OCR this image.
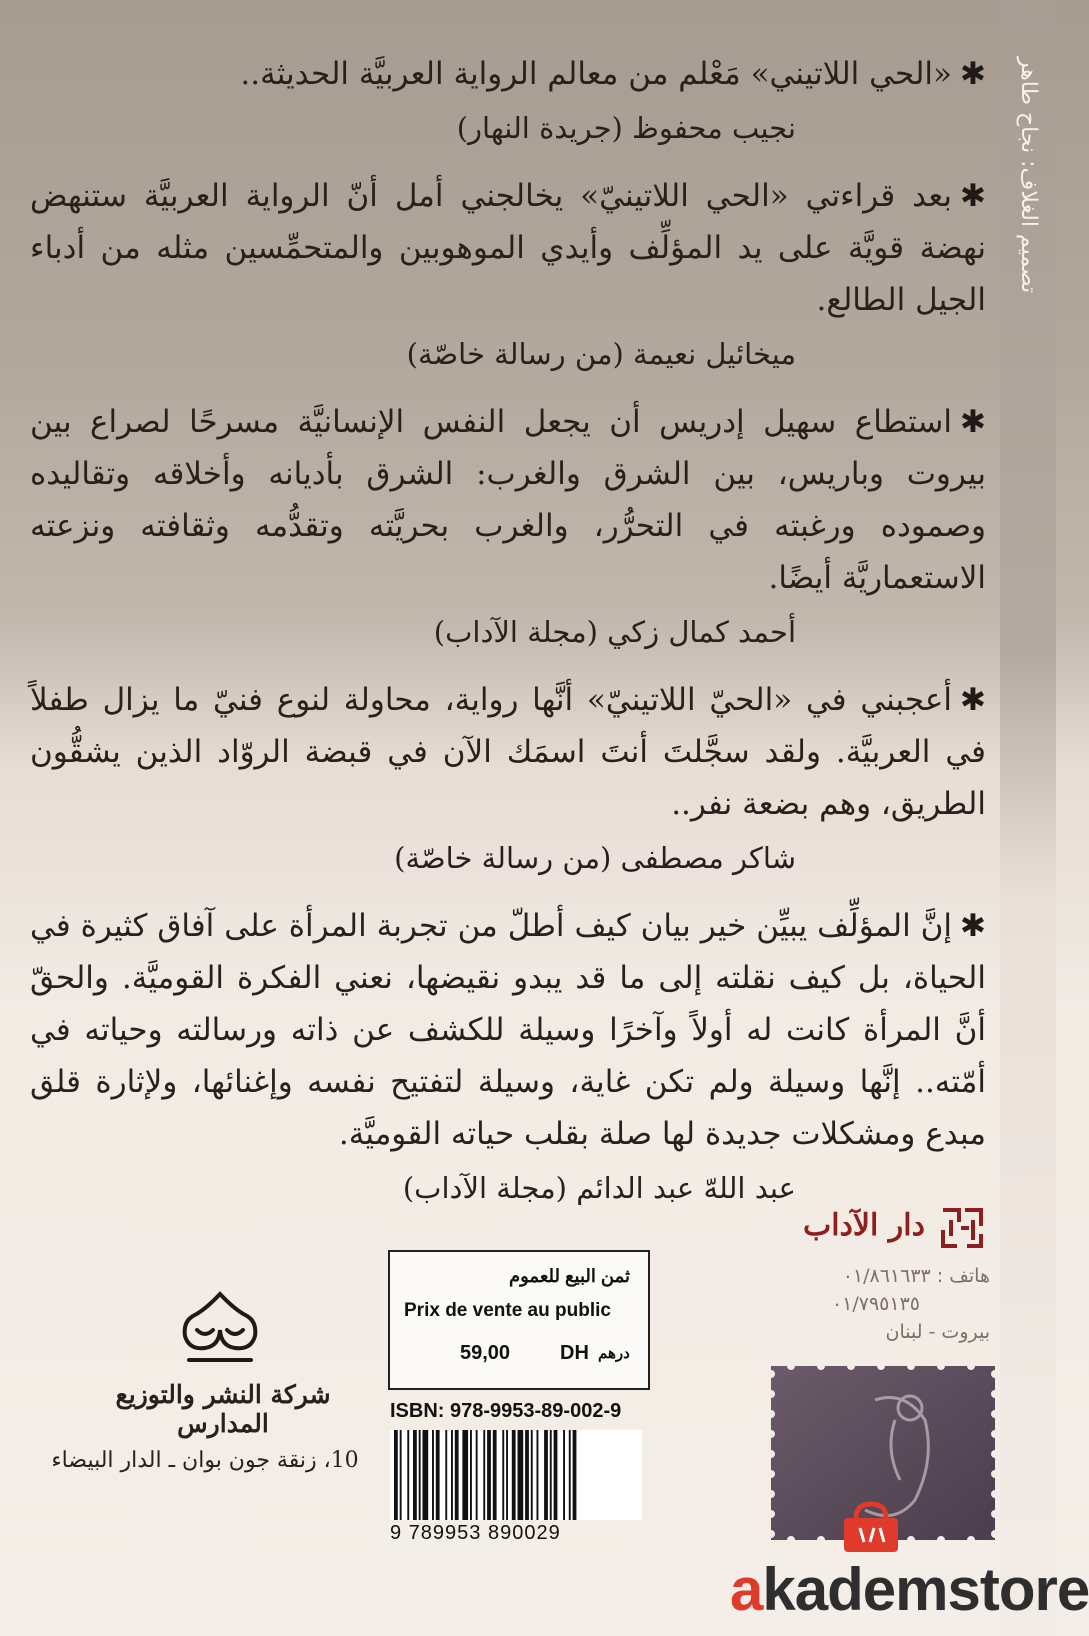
تصميم الغلاف: نجاح طاهر
✱«الحي اللاتيني» مَعْلم من معالم الرواية العربيَّة الحديثة..
نجيب محفوظ (جريدة النهار)
✱بعد قراءتي «الحي اللاتينيّ» يخالجني أمل أنّ الرواية العربيَّة ستنهض نهضة قويَّة على يد المؤلِّف وأيدي الموهوبين والمتحمِّسين مثله من أدباء الجيل الطالع.
ميخائيل نعيمة (من رسالة خاصّة)
✱استطاع سهيل إدريس أن يجعل النفس الإنسانيَّة مسرحًا لصراع بين بيروت وباريس، بين الشرق والغرب: الشرق بأديانه وأخلاقه وتقاليده وصموده ورغبته في التحرُّر، والغرب بحريَّته وتقدُّمه وثقافته ونزعته الاستعماريَّة أيضًا.
أحمد كمال زكي (مجلة الآداب)
✱أعجبني في «الحيّ اللاتينيّ» أنَّها رواية، محاولة لنوع فنيّ ما يزال طفلاً في العربيَّة. ولقد سجَّلتَ أنتَ اسمَك الآن في قبضة الروّاد الذين يشقُّون الطريق، وهم بضعة نفر..
شاكر مصطفى (من رسالة خاصّة)
✱إنَّ المؤلِّف يبيِّن خير بيان كيف أطلّ من تجربة المرأة على آفاق كثيرة في الحياة، بل كيف نقلته إلى ما قد يبدو نقيضها، نعني الفكرة القوميَّة. والحقّ أنَّ المرأة كانت له أولاً وآخرًا وسيلة للكشف عن ذاته ورسالته وحياته في أمّته.. إنَّها وسيلة ولم تكن غاية، وسيلة لتفتيح نفسه وإغنائها، ولإثارة قلق مبدع ومشكلات جديدة لها صلة بقلب حياته القوميَّة.
عبد اللهّ عبد الدائم (مجلة الآداب)
دار الآداب
هاتف : ٠١/٨٦١٦٣٣
٠١/٧٩٥١٣٥
بيروت - لبنان
ثمن البيع للعموم
Prix de vente au public
59,00 DH درهم
ISBN: 978-9953-89-002-9
9 789953 890029
شركة النشر والتوزيع المدارس
10، زنقة جون بوان ـ الدار البيضاء
akademstore
